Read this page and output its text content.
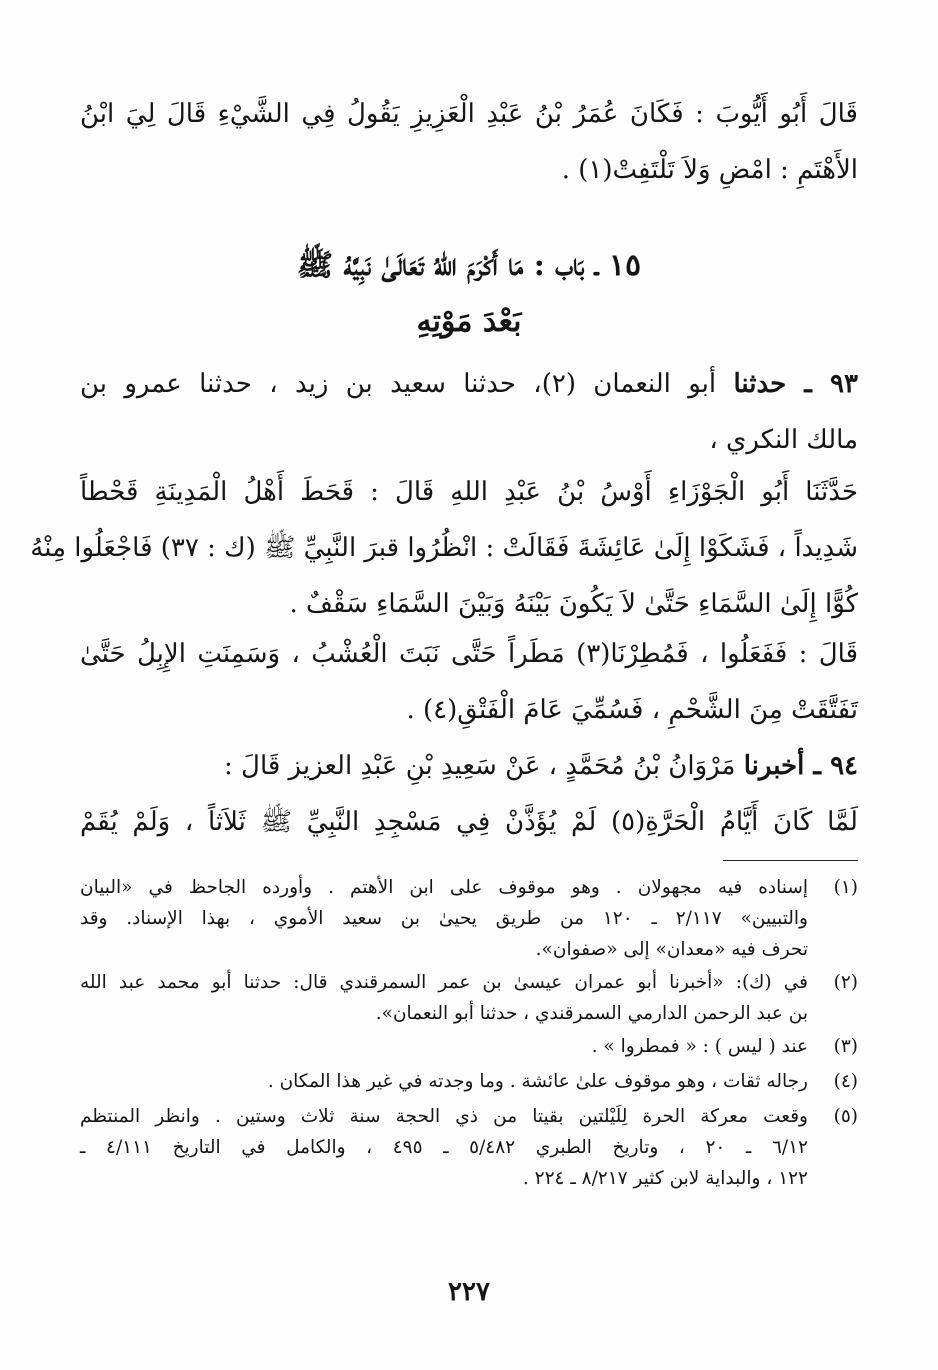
قَالَ أَبُو أَيُّوبَ : فَكَانَ عُمَرُ بْنُ عَبْدِ الْعَزِيزِ يَقُولُ فِي الشَّيْءِ قَالَ لِيَ ابْنُ
الأَهْتَمِ : امْضِ وَلاَ تَلْتَفِتْ(١) .
١٥ ـ بَاب : مَا أَكْرَمَ اللهُ تَعَالَىٰ نَبِيَّهُ ﷺ
بَعْدَ مَوْتِهِ
٩٣ ـ حدثنا أبو النعمان (٢)، حدثنا سعيد بن زيد ، حدثنا عمرو بن
مالك النكري ،
حَدَّثَنَا أَبُو الْجَوْزَاءِ أَوْسُ بْنُ عَبْدِ اللهِ قَالَ : قَحَطَ أَهْلُ الْمَدِينَةِ قَحْطاً
شَدِيداً ، فَشَكَوْا إِلَىٰ عَائِشَةَ فَقَالَتْ : انْظُرُوا قبرَ النَّبِيِّ ﷺ (ك : ٣٧) فَاجْعَلُوا مِنْهُ
كُوًّا إِلَىٰ السَّمَاءِ حَتَّىٰ لاَ يَكُونَ بَيْنَهُ وَبَيْنَ السَّمَاءِ سَقْفٌ .
قَالَ : فَفَعَلُوا ، فَمُطِرْنَا(٣) مَطَراً حَتَّى نَبَتَ الْعُشْبُ ، وَسَمِنَتِ الإِبِلُ حَتَّىٰ
تَفَتَّقَتْ مِنَ الشَّحْمِ ، فَسُمِّيَ عَامَ الْفَتْقِ(٤) .
٩٤ ـ أخبرنا مَرْوَانُ بْنُ مُحَمَّدٍ ، عَنْ سَعِيدِ بْنِ عَبْدِ العزيز قَالَ :
لَمَّا كَانَ أَيَّامُ الْحَرَّةِ(٥) لَمْ يُؤَذَّنْ فِي مَسْجِدِ النَّبِيِّ ﷺ ثَلاَثاً ، وَلَمْ يُقَمْ
(١)
إسناده فيه مجهولان . وهو موقوف على ابن الأهتم . وأورده الجاحظ في «البيان
والتبيين» ٢/١١٧ ـ ١٢٠ من طريق يحيىٰ بن سعيد الأموي ، بهذا الإسناد. وقد
تحرف فيه «معدان» إلى «صفوان».
(٢)
في (ك): «أخبرنا أبو عمران عيسىٰ بن عمر السمرقندي قال: حدثنا أبو محمد عبد الله
بن عبد الرحمن الدارمي السمرقندي ، حدثنا أبو النعمان».
(٣)
عند ( ليس ) : « فمطروا » .
(٤)
رجاله ثقات ، وهو موقوف علىٰ عائشة . وما وجدته في غير هذا المكان .
(٥)
وقعت معركة الحرة لِلَيْلتين بقيتا من ذي الحجة سنة ثلاث وستين . وانظر المنتظم
٦/١٢ ـ ٢٠ ، وتاريخ الطبري ٥/٤٨٢ ـ ٤٩٥ ، والكامل في التاريخ ٤/١١١ ـ
١٢٢ ، والبداية لابن كثير ٨/٢١٧ ـ ٢٢٤ .
٢٢٧
